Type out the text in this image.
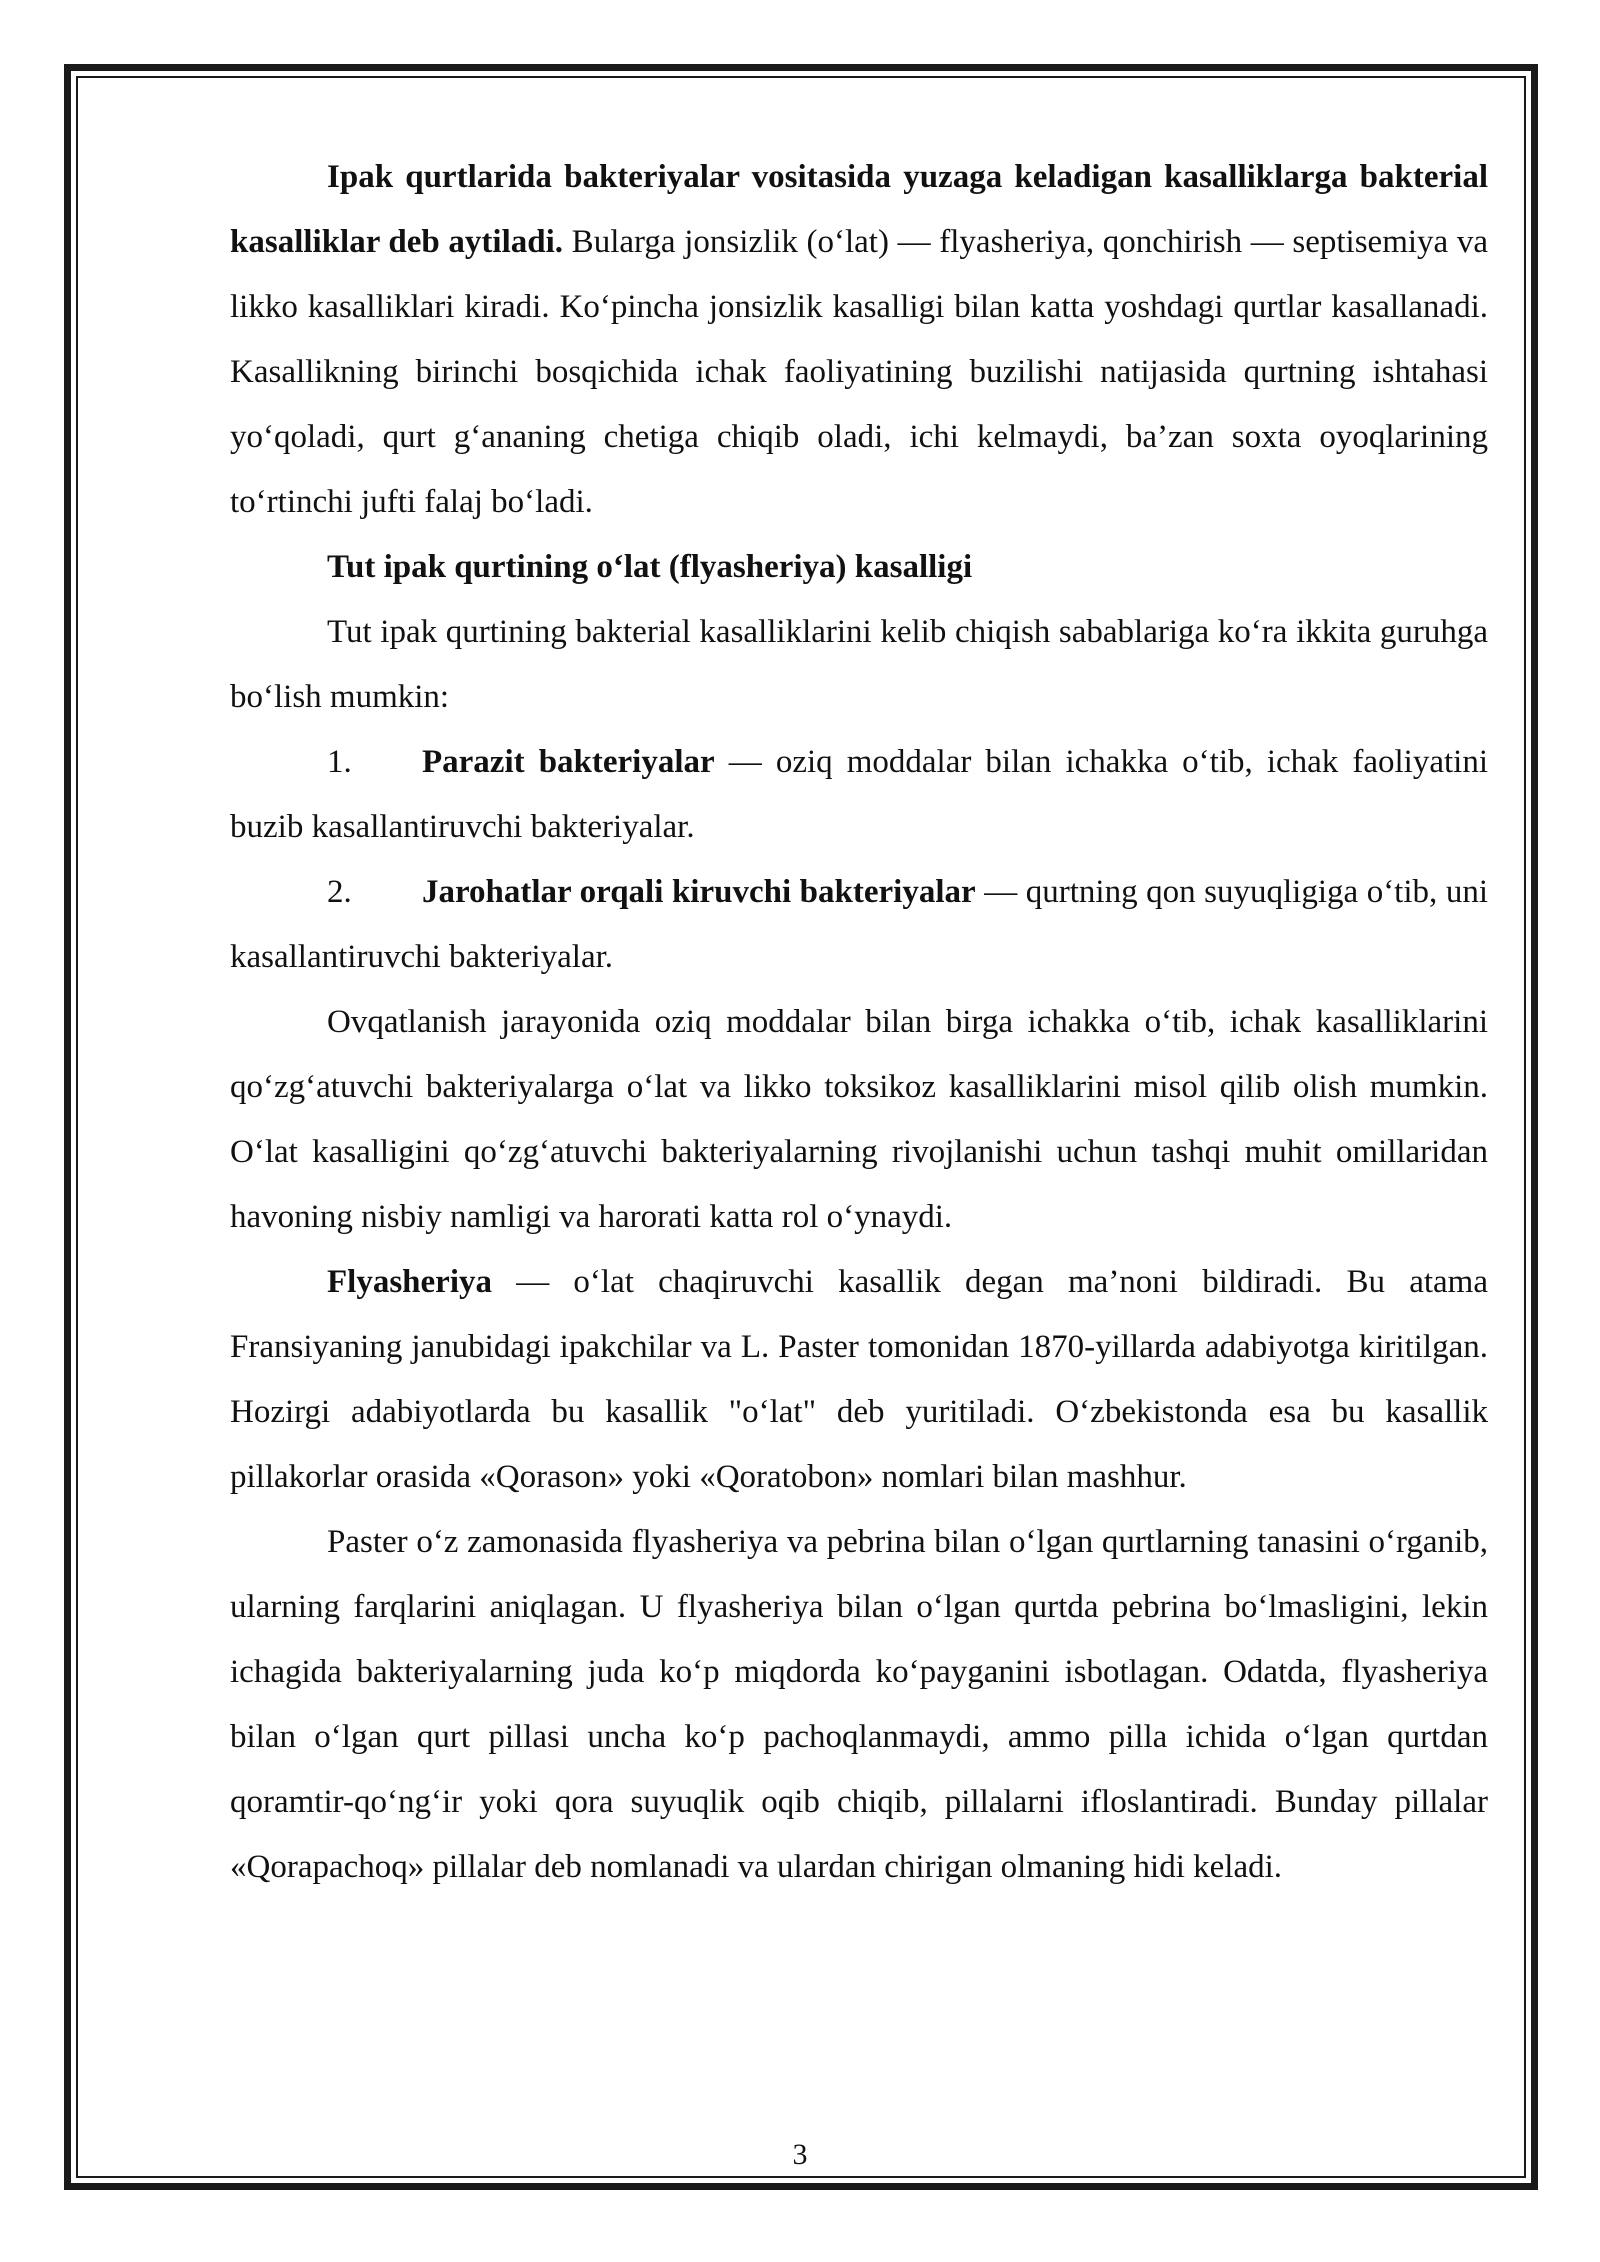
Ipak qurtlarida bakteriyalar vositasida yuzaga keladigan kasalliklarga bakterial kasalliklar deb aytiladi. Bularga jonsizlik (o‘lat) — flyasheriya, qonchirish — septisemiya va likko kasalliklari kiradi. Ko‘pincha jonsizlik kasalligi bilan katta yoshdagi qurtlar kasallanadi. Kasallikning birinchi bosqichida ichak faoliyatining buzilishi natijasida qurtning ishtahasi yo‘qoladi, qurt g‘ananing chetiga chiqib oladi, ichi kelmaydi, ba’zan soxta oyoqlarining to‘rtinchi jufti falaj bo‘ladi.

Tut ipak qurtining o‘lat (flyasheriya) kasalligi

Tut ipak qurtining bakterial kasalliklarini kelib chiqish sabablariga ko‘ra ikkita guruhga bo‘lish mumkin:

1. Parazit bakteriyalar — oziq moddalar bilan ichakka o‘tib, ichak faoliyatini buzib kasallantiruvchi bakteriyalar.

2. Jarohatlar orqali kiruvchi bakteriyalar — qurtning qon suyuqligiga o‘tib, uni kasallantiruvchi bakteriyalar.

Ovqatlanish jarayonida oziq moddalar bilan birga ichakka o‘tib, ichak kasalliklarini qo‘zg‘atuvchi bakteriyalarga o‘lat va likko toksikoz kasalliklarini misol qilib olish mumkin. O‘lat kasalligini qo‘zg‘atuvchi bakteriyalarning rivojlanishi uchun tashqi muhit omillaridan havoning nisbiy namligi va harorati katta rol o‘ynaydi.

Flyasheriya — o‘lat chaqiruvchi kasallik degan ma’noni bildiradi. Bu atama Fransiyaning janubidagi ipakchilar va L. Paster tomonidan 1870-yillarda adabiyotga kiritilgan. Hozirgi adabiyotlarda bu kasallik "o‘lat" deb yuritiladi. O‘zbekistonda esa bu kasallik pillakorlar orasida «Qorason» yoki «Qoratobon» nomlari bilan mashhur.

Paster o‘z zamonasida flyasheriya va pebrina bilan o‘lgan qurtlarning tanasini o‘rganib, ularning farqlarini aniqlagan. U flyasheriya bilan o‘lgan qurtda pebrina bo‘lmasligini, lekin ichagida bakteriyalarning juda ko‘p miqdorda ko‘payganini isbotlagan. Odatda, flyasheriya bilan o‘lgan qurt pillasi uncha ko‘p pachoqlanmaydi, ammo pilla ichida o‘lgan qurtdan qoramtir-qo‘ng‘ir yoki qora suyuqlik oqib chiqib, pillalarni ifloslantiradi. Bunday pillalar «Qorapachoq» pillalar deb nomlanadi va ulardan chirigan olmaning hidi keladi.

3
